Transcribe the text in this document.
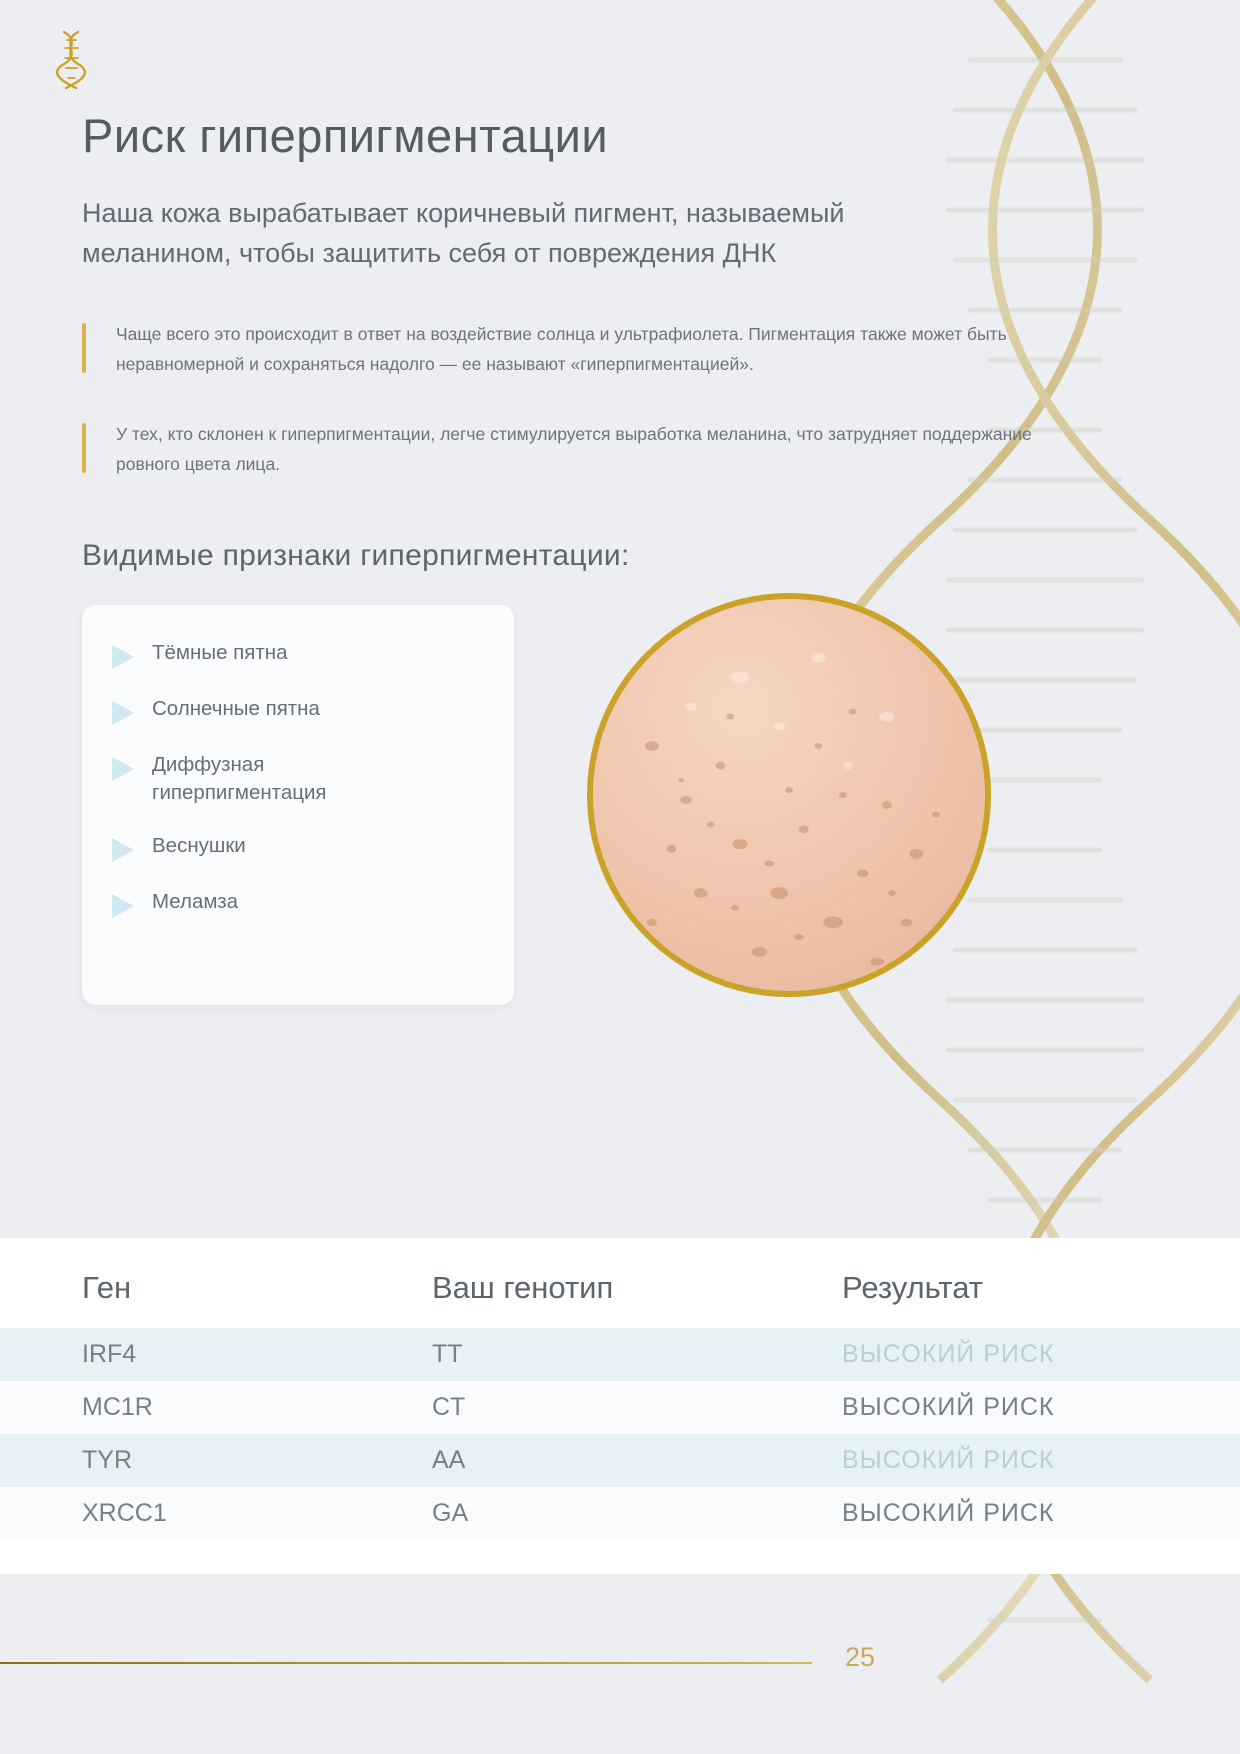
Риск гиперпигментации

Наша кожа вырабатывает коричневый пигмент, называемый меланином, чтобы защитить себя от повреждения ДНК

Чаще всего это происходит в ответ на воздействие солнца и ультрафиолета. Пигментация также может быть неравномерной и сохраняться надолго — ее называют «гиперпигментацией».
У тех, кто склонен к гиперпигментации, легче стимулируется выработка меланина, что затрудняет поддержание ровного цвета лица.
Видимые признаки гиперпигментации:
Тёмные пятна
Солнечные пятна
Диффузная гиперпигментация
Веснушки
Меламза
Ген	Ваш генотип	Результат
IRF4	TT	ВЫСОКИЙ РИСК
MC1R	CT	ВЫСОКИЙ РИСК
TYR	AA	ВЫСОКИЙ РИСК
XRCC1	GA	ВЫСОКИЙ РИСК
25
